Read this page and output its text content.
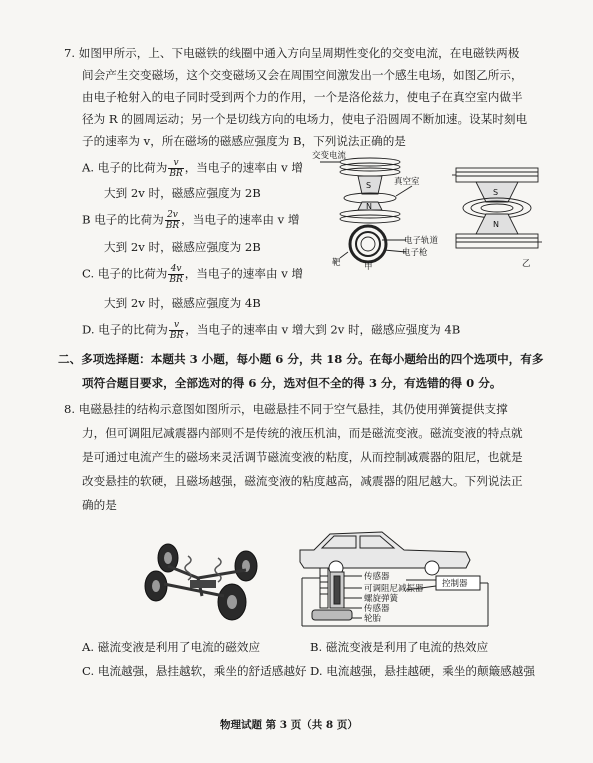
7. 如图甲所示，上、下电磁铁的线圈中通入方向呈周期性变化的交变电流，在电磁铁两极
间会产生交变磁场，这个交变磁场又会在周围空间激发出一个感生电场，如图乙所示，
由电子枪射入的电子同时受到两个力的作用，一个是洛伦兹力，使电子在真空室内做半
径为 R 的圆周运动；另一个是切线方向的电场力，使电子沿圆周不断加速。设某时刻电
子的速率为 v，所在磁场的磁感应强度为 B，下列说法正确的是
A. 电子的比荷为 $\frac{v}{BR}$ ，当电子的速率由 v 增
大到 2v 时，磁感应强度为 2B
B 电子的比荷为 $\frac{2v}{BR}$ ，当电子的速率由 v 增
大到 2v 时，磁感应强度为 2B
C. 电子的比荷为 $\frac{4v}{BR}$ ，当电子的速率由 v 增
大到 2v 时，磁感应强度为 4B
D. 电子的比荷为 $\frac{v}{BR}$ ，当电子的速率由 v 增大到 2v 时，磁感应强度为 4B
交变电流
S
N
真空室
电子轨道
电子枪
靶	甲
S
N
乙
二、多项选择题：本题共 3 小题，每小题 6 分，共 18 分。在每小题给出的四个选项中，有多
项符合题目要求，全部选对的得 6 分，选对但不全的得 3 分，有选错的得 0 分。
8. 电磁悬挂的结构示意图如图所示，电磁悬挂不同于空气悬挂，其仍使用弹簧提供支撑
力，但可调阻尼减震器内部则不是传统的液压机油，而是磁流变液。磁流变液的特点就
是可通过电流产生的磁场来灵活调节磁流变液的粘度，从而控制减震器的阻尼，也就是
改变悬挂的软硬，且磁场越强，磁流变液的粘度越高，减震器的阻尼越大。下列说法正
确的是
传感器
可调阻尼减振器
螺旋弹簧
传感器
轮胎
控制器
A. 磁流变液是利用了电流的磁效应	B. 磁流变液是利用了电流的热效应
C. 电流越强，悬挂越软，乘坐的舒适感越好 D. 电流越强，悬挂越硬，乘坐的颠簸感越强
物理试题 第 3 页（共 8 页）
